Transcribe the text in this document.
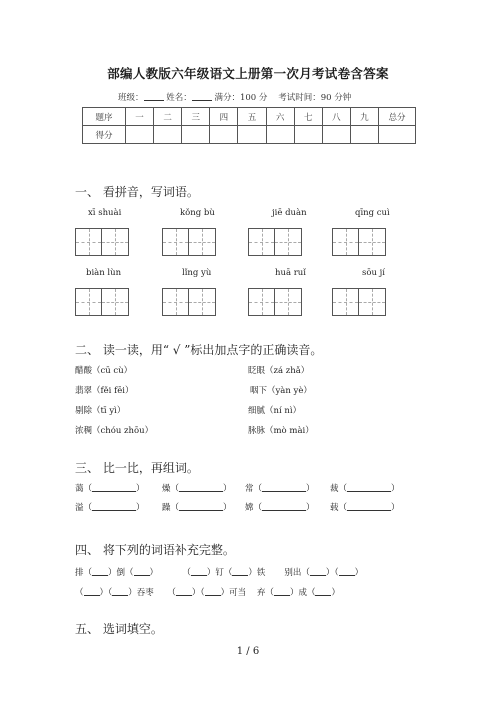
部编人教版六年级语文上册第一次月考试卷含答案
班级：	姓名：	满分：100 分 考试时间：90 分钟
题序	一	二	三	四	五	六	七	八	九	总分
得分										
一、 看拼音，写词语。
xī shuài	kǒng bù	jiē duàn	qīng cuì
biàn lùn	lǐng yù	huā ruǐ	sōu jí
二、 读一读，用“ √ ”标出加点字的正确读音。
醋酸（cū cù）	眨眼（zá zhǎ）
翡翠（fěi fēi）	咽下（yàn yè）
剔除（tī yì）	细腻（ní nì）
浓稠（chóu zhōu）	脉脉（mò mài）
三、 比一比，再组词。
蔼（	） 燥（	） 常（	） 裁（	）
溢（	） 躁（	） 嫦（	） 载（	）
四、 将下列的词语补充完整。
排（ ）倒（ ）	（ ）钉（ ）铁 别出（ ）（ ）
（ ）（ ）吞枣 （ ）（ ）可当 弃（ ）成（ ）
五、 选词填空。
1 / 6
